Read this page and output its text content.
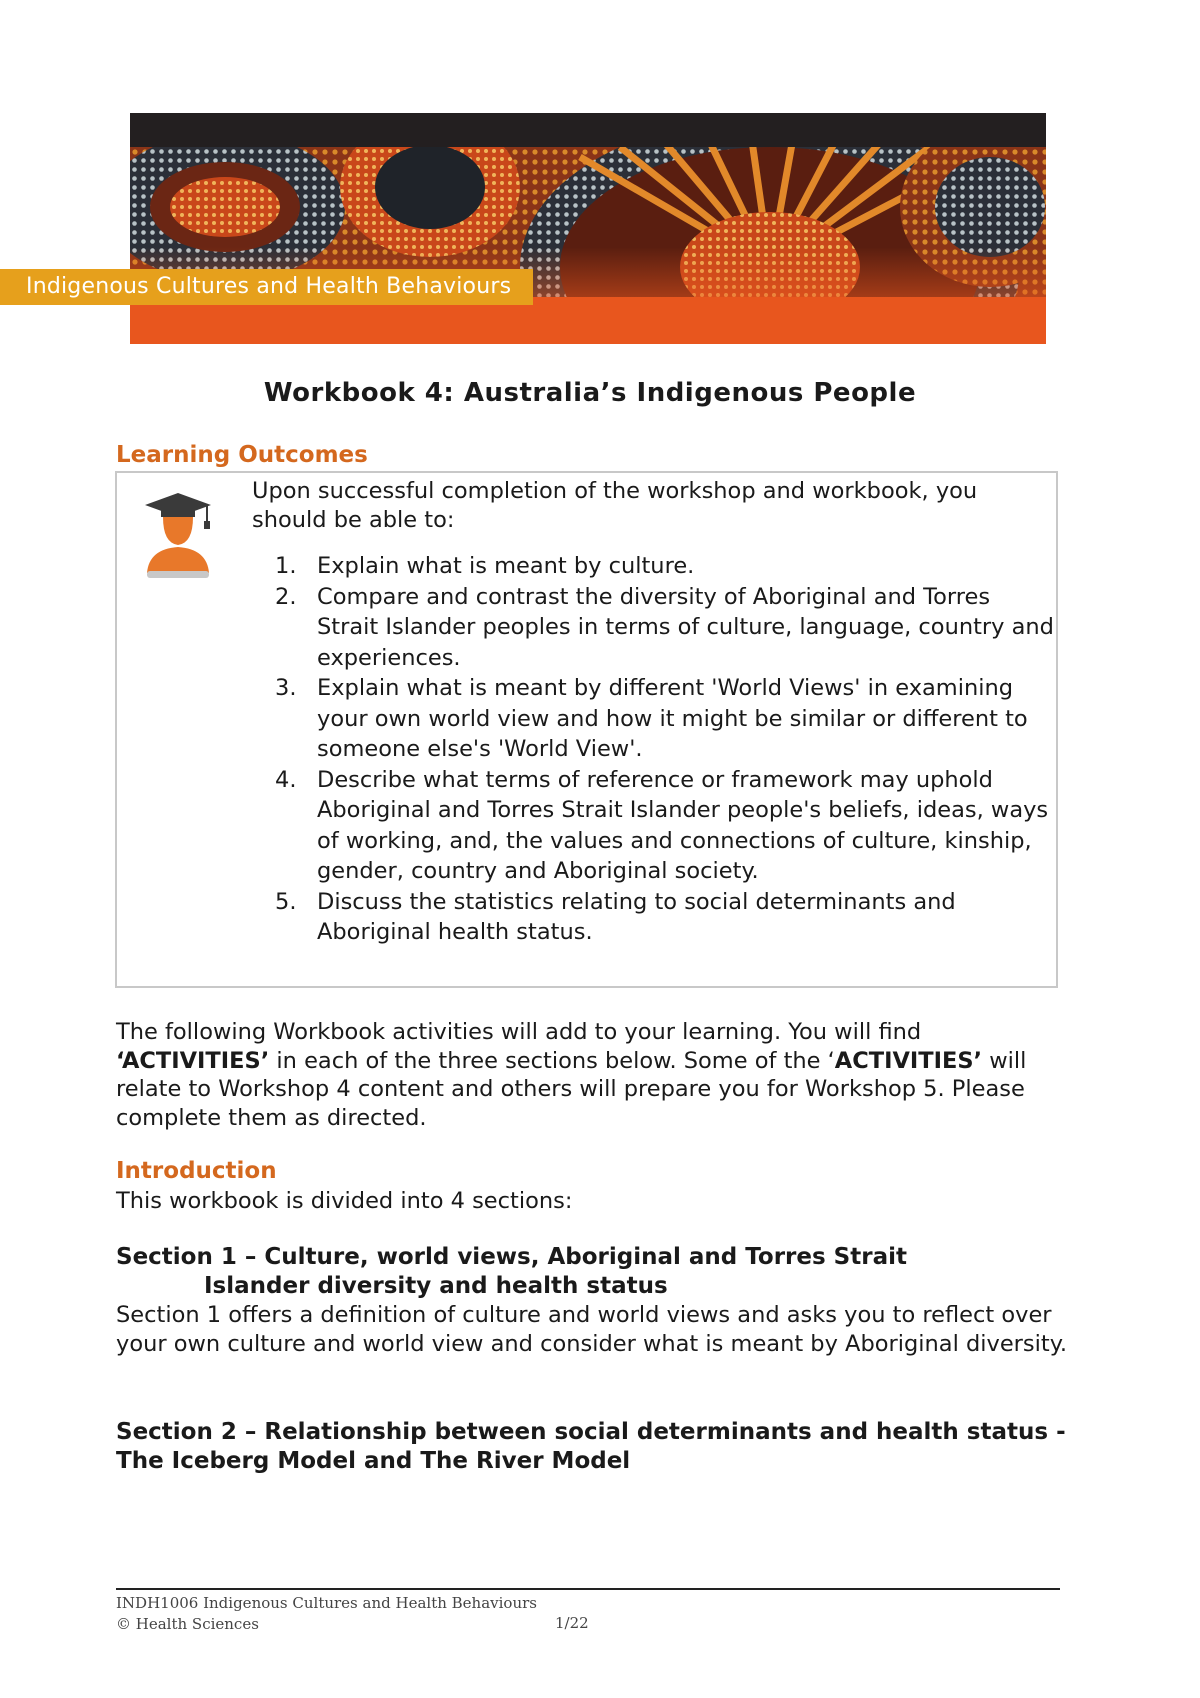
Indigenous Cultures and Health Behaviours
Workbook 4: Australia’s Indigenous People
Learning Outcomes

Upon successful completion of the workshop and workbook, you should be able to:

1. Explain what is meant by culture.
2. Compare and contrast the diversity of Aboriginal and Torres Strait Islander peoples in terms of culture, language, country and experiences.
3. Explain what is meant by different 'World Views' in examining your own world view and how it might be similar or different to someone else's 'World View'.
4. Describe what terms of reference or framework may uphold Aboriginal and Torres Strait Islander people's beliefs, ideas, ways of working, and, the values and connections of culture, kinship, gender, country and Aboriginal society.
5. Discuss the statistics relating to social determinants and Aboriginal health status.

The following Workbook activities will add to your learning. You will find ‘ACTIVITIES’ in each of the three sections below. Some of the ‘ACTIVITIES’ will relate to Workshop 4 content and others will prepare you for Workshop 5. Please complete them as directed.

Introduction

This workbook is divided into 4 sections:

Section 1 – Culture, world views, Aboriginal and Torres Strait
Islander diversity and health status

Section 1 offers a definition of culture and world views and asks you to reflect over your own culture and world view and consider what is meant by Aboriginal diversity.

Section 2 – Relationship between social determinants and health status - The Iceberg Model and The River Model
INDH1006 Indigenous Cultures and Health Behaviours
© Health Sciences	1/22
